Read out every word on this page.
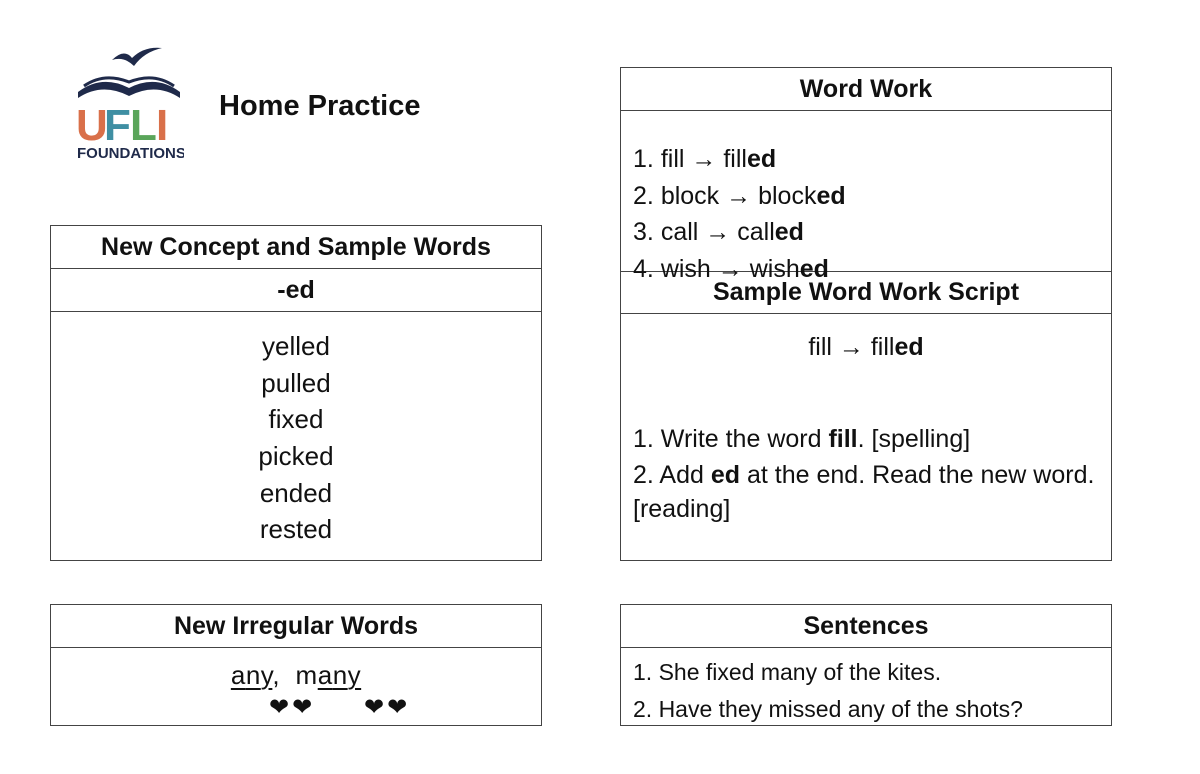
U
F L I
FOUNDATIONS
Home Practice
New Concept and Sample Words
-ed
yelled
pulled
fixed
picked
ended
rested
Word Work
1. fill → filled
2. block → blocked
3. call → called
4. wish → wished
Sample Word Work Script
fill → filled
1. Write the word fill. [spelling]
2. Add ed at the end. Read the new word. [reading]
New Irregular Words
any, many
❤❤ ❤❤
Sentences
1. She fixed many of the kites.
2. Have they missed any of the shots?
